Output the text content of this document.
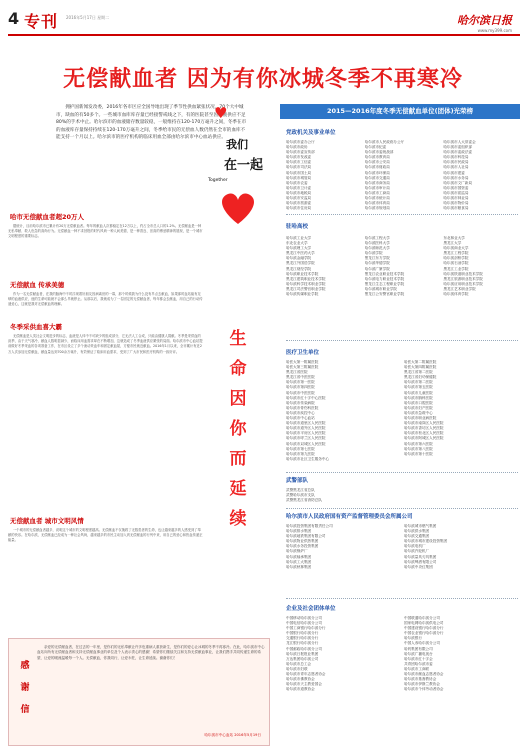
4 专刊 2016年5月17日 星期二	哈尔滨日报
www.my399.com
无偿献血者 因为有你冰城冬季不再寒冷

拥护国新闻发改委，2016年各市区应全国导地出现了季节性供血紧张状况，70个大中城市，缺血的有50多个。一些城市血库库存量已经接警戒线之下，有的医院甚至因血液供应不足80%的手术中止。哈尔滨市的血液储存数量较稳，一般维持在120-170万毫升之间，冬季在市的血液库存量保持持续在120-170万毫升之间，冬季给市民的无偿血人数仍然在全市的血库不能支持一个月以上。哈尔滨市的医疗机构的临床用血全部由哈尔滨市中心血站供应。

哈市无偿献血者超20万人
据统计，目前哈尔滨市已累计有20万无偿献血者。每年的献血人次都稳定在12万以上，约占全市总人口的1.2%。无偿献血是一种无私奉献、救人危急的高尚行为。无偿献血一种不求回报的时代风尚一种人间美德，是一种善良、崇高的博爱精神的展现，是一个城市文明程度的重要标志。
无偿献血 传承美德
作为一名无偿献血者，在我的脑海中不时浮现着好朋友因病离世的一幕，那个时候我为什么没有早点去献血，如果那时血站能有足够的血液供应，他的生命可能就不会那么早就停止。从那以后，我就成为了一名固定的无偿献血者，每年都会去献血，用自己的行动传递爱心，这就是我对无偿献血的理解。
冬季采供血喜大霸
无偿献血是人类社会文明进步的标志，血液是人体中不可缺少的组成部分，它无法人工合成，只能由健康人捐献。冬季是采供血的淡季，由于天气寒冷，献血人数明显减少，而临床用血需求却在不断增加，这就造成了冬季血液供应紧张的局面。哈尔滨市中心血站提前做好冬季采血的各项准备工作，在市区设立了多个流动采血车和固定献血屋，方便市民就近献血。2016年1月以来，全市累计有近2万人次参加无偿献血，献血量达到700余万毫升，有效保证了临床用血需求，受到了广大市民和医疗机构的一致好评。
无偿献血者 城市文明风情
一个城市的无偿献血者越多，说明这个城市的文明程度越高。无偿献血不仅挽救了无数患者的生命，也让越来越多的人感受到了奉献的快乐。在哈尔滨，无偿献血已经成为一种社会风尚，越来越多的市民主动加入到无偿献血的行列中来，用自己的爱心和热血传递正能量。
♥
我们
在一起
Together
生命因你而延续
感谢信
亲爱的无偿献血者，在过去的一年里，是你们的无私奉献让许多危重病人重获新生，是你们的爱心让冰城的冬季不再寒冷。在此，哈尔滨市中心血站向所有无偿献血者和支持无偿献血事业的单位及个人表示衷心的感谢！希望你们继续关注和支持无偿献血事业，让我们携手共同传递生命的希望，让爱的暖流温暖每一个人。无偿献血，你我同行，让爱永驻，让生命延续。谢谢你们！
哈尔滨市中心血站 2016年5月19日
2015—2016年度冬季无偿献血单位(团体)光荣榜
党政机关及事业单位
哈尔滨市委办公厅	哈尔滨市人民政府办公厅	哈尔滨市人大常委会
哈尔滨市政协	哈尔滨市纪委	哈尔滨市委组织部
哈尔滨市委宣传部	哈尔滨市委统战部	哈尔滨市委政法委
哈尔滨市发改委	哈尔滨市教育局	哈尔滨市科技局
哈尔滨市工信委	哈尔滨市公安局	哈尔滨市民政局
哈尔滨市司法局	哈尔滨市财政局	哈尔滨市人社局
哈尔滨市国土局	哈尔滨市环保局	哈尔滨市建委
哈尔滨市城管局	哈尔滨市交通局	哈尔滨市水务局
哈尔滨市农委	哈尔滨市商务局	哈尔滨市文广新局
哈尔滨市卫计委	哈尔滨市审计局	哈尔滨市国资委
哈尔滨市地税局	哈尔滨市工商局	哈尔滨市质监局
哈尔滨市安监局	哈尔滨市统计局	哈尔滨市林业局
哈尔滨市旅游委	哈尔滨市体育局	哈尔滨市物价局
哈尔滨市住房局	哈尔滨市规划局	哈尔滨市粮食局
驻哈高校
哈尔滨工业大学	哈尔滨工程大学	东北林业大学
东北农业大学	哈尔滨医科大学	黑龙江大学
哈尔滨理工大学	哈尔滨师范大学	哈尔滨商业大学
黑龙江中医药大学	哈尔滨学院	黑龙江工程学院
哈尔滨金融学院	黑龙江东方学院	哈尔滨剑桥学院
黑龙江外国语学院	哈尔滨华德学院	哈尔滨石油学院
黑龙江财经学院	哈尔滨广厦学院	黑龙江工业学院
哈尔滨职业技术学院	黑龙江农业职业技术学院	哈尔滨铁道职业技术学院
黑龙江建筑职业技术学院	哈尔滨电力职业技术学院	黑龙江旅游职业技术学院
哈尔滨科学技术职业学院	黑龙江生态工程职业学院	哈尔滨应用职业技术学院
黑龙江司法警官职业学院	哈尔滨城市职业学院	黑龙江艺术职业学院
哈尔滨传媒职业学院	黑龙江公安警官职业学院	哈尔滨体育学院
医疗卫生单位
哈医大第一附属医院	哈医大第二附属医院
哈医大第三附属医院	哈医大第四附属医院
黑龙江省医院	黑龙江省第二医院
黑龙江省中医医院	黑龙江省妇幼保健院
哈尔滨市第一医院	哈尔滨市第二医院
哈尔滨市第四医院	哈尔滨市第五医院
哈尔滨市中医医院	哈尔滨市儿童医院
哈尔滨市红十字中心医院	哈尔滨市胸科医院
哈尔滨市传染病院	哈尔滨市口腔医院
哈尔滨市骨伤科医院	哈尔滨市妇产医院
哈尔滨市疾控中心	哈尔滨市急救中心
哈尔滨市中心血站	哈尔滨市职业病医院
哈尔滨市道里区人民医院	哈尔滨市南岗区人民医院
哈尔滨市道外区人民医院	哈尔滨市香坊区人民医院
哈尔滨市平房区人民医院	哈尔滨市松北区人民医院
哈尔滨市呼兰区人民医院	哈尔滨市阿城区人民医院
哈尔滨市双城区人民医院	哈尔滨市第六医院
哈尔滨市第七医院	哈尔滨市第八医院
哈尔滨市第九医院	哈尔滨市第十医院
哈尔滨市社区卫生服务中心
武警部队
武警黑龙江省总队
武警哈尔滨市支队
武警黑龙江省消防总队
哈尔滨市人民政府国有资产监督管理委员会所属公司
哈尔滨投资集团有限责任公司	哈尔滨城市燃气集团
哈尔滨排水集团	哈尔滨供水集团
哈尔滨地铁集团有限公司	哈尔滨交通集团
哈尔滨物业供热集团	哈尔滨市城市建设投资集团
哈尔滨水务投资集团	哈尔滨电机厂
哈尔滨锅炉厂	哈尔滨汽轮机厂
哈尔滨轴承集团	哈尔滨量具刃具集团
哈尔滨工大集团	哈尔滨啤酒有限公司
哈尔滨秋林集团	哈尔滨中央红集团
企业及社会团体单位
中国移动哈尔滨分公司	中国联通哈尔滨分公司
中国电信哈尔滨分公司	国家电网哈尔滨供电公司
中国工商银行哈尔滨分行	中国建设银行哈尔滨分行
中国银行哈尔滨分行	中国农业银行哈尔滨分行
交通银行哈尔滨分行	哈尔滨银行
龙江银行哈尔滨分行	中国人寿哈尔滨分公司
中国邮政哈尔滨分公司	哈药集团有限公司
哈尔滨日报报业集团	哈尔滨广播电视台
万达集团哈尔滨公司	哈尔滨市红十字会
哈尔滨市总工会	共青团哈尔滨市委
哈尔滨市妇联	哈尔滨市工商联
哈尔滨市青年志愿者协会	哈尔滨市献血志愿者协会
哈尔滨市佛教协会	哈尔滨市基督教协会
哈尔滨市天主教爱国会	哈尔滨市伊斯兰教协会
哈尔滨市道教协会	哈尔滨市个体劳动者协会
